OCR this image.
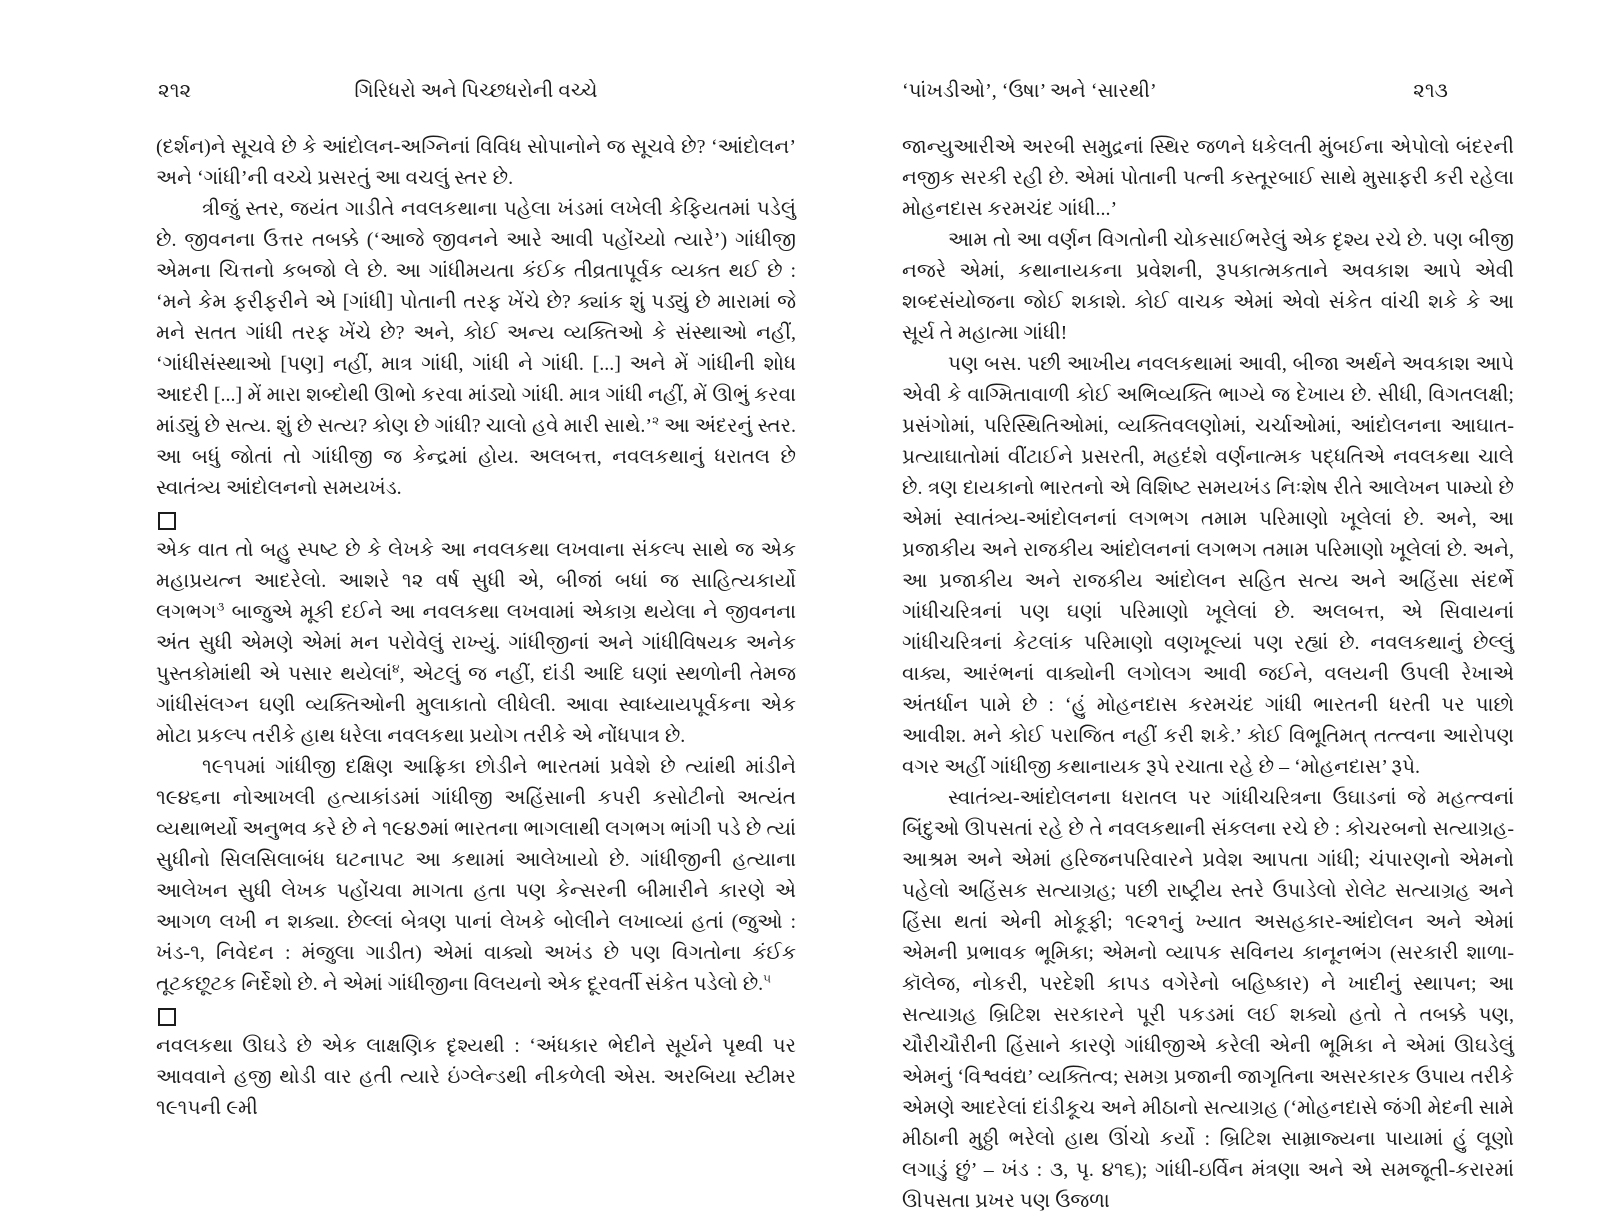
૨૧૨	ગિરિધરો અને પિચ્છધરોની વચ્ચે

(દર્શન)ને સૂચવે છે કે આંદોલન-અગ્નિનાં વિવિધ સોપાનોને જ સૂચવે છે? ‘આંદોલન’ અને ‘ગાંધી’ની વચ્ચે પ્રસરતું આ વચલું સ્તર છે.

ત્રીજું સ્તર, જયંત ગાડીતે નવલકથાના પહેલા ખંડમાં લખેલી કેફિયતમાં પડેલું છે. જીવનના ઉત્તર તબક્કે (‘આજે જીવનને આરે આવી પહોંચ્યો ત્યારે’) ગાંધીજી એમના ચિત્તનો કબજો લે છે. આ ગાંધીમયતા કંઈક તીવ્રતાપૂર્વક વ્યક્ત થઈ છે : ‘મને કેમ ફરીફરીને એ [ગાંધી] પોતાની તરફ ખેંચે છે? ક્યાંક શું પડ્યું છે મારામાં જે મને સતત ગાંધી તરફ ખેંચે છે? અને, કોઈ અન્ય વ્યક્તિઓ કે સંસ્થાઓ નહીં, ‘ગાંધીસંસ્થાઓ [પણ] નહીં, માત્ર ગાંધી, ગાંધી ને ગાંધી. [...] અને મેં ગાંધીની શોધ આદરી [...] મેં મારા શબ્દોથી ઊભો કરવા માંડ્યો ગાંધી. માત્ર ગાંધી નહીં, મેં ઊભું કરવા માંડ્યું છે સત્ય. શું છે સત્ય? કોણ છે ગાંધી? ચાલો હવે મારી સાથે.’$^૨$ આ અંદરનું સ્તર. આ બધું જોતાં તો ગાંધીજી જ કેન્દ્રમાં હોય. અલબત્ત, નવલકથાનું ધરાતલ છે સ્વાતંત્ર્ય આંદોલનનો સમયખંડ.

એક વાત તો બહુ સ્પષ્ટ છે કે લેખકે આ નવલકથા લખવાના સંકલ્પ સાથે જ એક મહાપ્રયત્ન આદરેલો. આશરે ૧૨ વર્ષ સુધી એ, બીજાં બધાં જ સાહિત્યકાર્યો લગભગ$^૩$ બાજુએ મૂકી દઈને આ નવલકથા લખવામાં એકાગ્ર થયેલા ને જીવનના અંત સુધી એમણે એમાં મન પરોવેલું રાખ્યું. ગાંધીજીનાં અને ગાંધીવિષયક અનેક પુસ્તકોમાંથી એ પસાર થયેલાં$^૪$, એટલું જ નહીં, દાંડી આદિ ઘણાં સ્થળોની તેમજ ગાંધીસંલગ્ન ઘણી વ્યક્તિઓની મુલાકાતો લીધેલી. આવા સ્વાધ્યાયપૂર્વકના એક મોટા પ્રકલ્પ તરીકે હાથ ધરેલા નવલકથા પ્રયોગ તરીકે એ નોંધપાત્ર છે.

૧૯૧૫માં ગાંધીજી દક્ષિણ આફ્રિકા છોડીને ભારતમાં પ્રવેશે છે ત્યાંથી માંડીને ૧૯૪૬ના નોઆખલી હત્યાકાંડમાં ગાંધીજી અહિંસાની કપરી કસોટીનો અત્યંત વ્યથાભર્યો અનુભવ કરે છે ને ૧૯૪૭માં ભારતના ભાગલાથી લગભગ ભાંગી પડે છે ત્યાં સુધીનો સિલસિલાબંધ ઘટનાપટ આ કથામાં આલેખાયો છે. ગાંધીજીની હત્યાના આલેખન સુધી લેખક પહોંચવા માગતા હતા પણ કેન્સરની બીમારીને કારણે એ આગળ લખી ન શક્યા. છેલ્લાં બેત્રણ પાનાં લેખકે બોલીને લખાવ્યાં હતાં (જુઓ : ખંડ-૧, નિવેદન : મંજુલા ગાડીત) એમાં વાક્યો અખંડ છે પણ વિગતોના કંઈક તૂટકછૂટક નિર્દેશો છે. ને એમાં ગાંધીજીના વિલયનો એક દૂરવર્તી સંકેત પડેલો છે.$^૫$

નવલકથા ઊઘડે છે એક લાક્ષણિક દૃશ્યથી : ‘અંધકાર ભેદીને સૂર્યને પૃથ્વી પર આવવાને હજી થોડી વાર હતી ત્યારે ઇંગ્લેન્ડથી નીકળેલી એસ. અરબિયા સ્ટીમર ૧૯૧૫ની ૯મી

‘પાંખડીઓ’, ‘ઉષા’ અને ‘સારથી’	૨૧૩

જાન્યુઆરીએ અરબી સમુદ્રનાં સ્થિર જળને ધકેલતી મુંબઈના એપોલો બંદરની નજીક સરકી રહી છે. એમાં પોતાની પત્ની કસ્તૂરબાઈ સાથે મુસાફરી કરી રહેલા મોહનદાસ કરમચંદ ગાંધી...’

આમ તો આ વર્ણન વિગતોની ચોકસાઈભરેલું એક દૃશ્ય રચે છે. પણ બીજી નજરે એમાં, કથાનાયકના પ્રવેશની, રૂપકાત્મકતાને અવકાશ આપે એવી શબ્દસંયોજના જોઈ શકાશે. કોઈ વાચક એમાં એવો સંકેત વાંચી શકે કે આ સૂર્ય તે મહાત્મા ગાંધી!

પણ બસ. પછી આખીય નવલકથામાં આવી, બીજા અર્થને અવકાશ આપે એવી કે વાગ્મિતાવાળી કોઈ અભિવ્યક્તિ ભાગ્યે જ દેખાય છે. સીધી, વિગતલક્ષી; પ્રસંગોમાં, પરિસ્થિતિઓમાં, વ્યક્તિવલણોમાં, ચર્ચાઓમાં, આંદોલનના આઘાત-પ્રત્યાઘાતોમાં વીંટાઈને પ્રસરતી, મહદંશે વર્ણનાત્મક પદ્ધતિએ નવલકથા ચાલે છે. ત્રણ દાયકાનો ભારતનો એ વિશિષ્ટ સમયખંડ નિઃશેષ રીતે આલેખન પામ્યો છે એમાં સ્વાતંત્ર્ય-આંદોલનનાં લગભગ તમામ પરિમાણો ખૂલેલાં છે. અને, આ પ્રજાકીય અને રાજકીય આંદોલનનાં લગભગ તમામ પરિમાણો ખૂલેલાં છે. અને, આ પ્રજાકીય અને રાજકીય આંદોલન સહિત સત્ય અને અહિંસા સંદર્ભે ગાંધીચરિત્રનાં પણ ઘણાં પરિમાણો ખૂલેલાં છે. અલબત્ત, એ સિવાયનાં ગાંધીચરિત્રનાં કેટલાંક પરિમાણો વણખૂલ્યાં પણ રહ્યાં છે. નવલકથાનું છેલ્લું વાક્ય, આરંભનાં વાક્યોની લગોલગ આવી જઈને, વલયની ઉપલી રેખાએ અંતર્ધાન પામે છે : ‘હું મોહનદાસ કરમચંદ ગાંધી ભારતની ધરતી પર પાછો આવીશ. મને કોઈ પરાજિત નહીં કરી શકે.’ કોઈ વિભૂતિમત્ તત્ત્વના આરોપણ વગર અહીં ગાંધીજી કથાનાયક રૂપે રચાતા રહે છે – ‘મોહનદાસ’ રૂપે.

સ્વાતંત્ર્ય-આંદોલનના ધરાતલ પર ગાંધીચરિત્રના ઉઘાડનાં જે મહત્ત્વનાં બિંદુઓ ઊપસતાં રહે છે તે નવલકથાની સંકલના રચે છે : કોચરબનો સત્યાગ્રહ-આશ્રમ અને એમાં હરિજનપરિવારને પ્રવેશ આપતા ગાંધી; ચંપારણનો એમનો પહેલો અહિંસક સત્યાગ્રહ; પછી રાષ્ટ્રીય સ્તરે ઉપાડેલો રોલેટ સત્યાગ્રહ અને હિંસા થતાં એની મોકૂફી; ૧૯૨૧નું ખ્યાત અસહકાર-આંદોલન અને એમાં એમની પ્રભાવક ભૂમિકા; એમનો વ્યાપક સવિનય કાનૂનભંગ (સરકારી શાળા-કૉલેજ, નોકરી, પરદેશી કાપડ વગેરેનો બહિષ્કાર) ને ખાદીનું સ્થાપન; આ સત્યાગ્રહ બ્રિટિશ સરકારને પૂરી પકડમાં લઈ શક્યો હતો તે તબક્કે પણ, ચૌરીચૌરીની હિંસાને કારણે ગાંધીજીએ કરેલી એની ભૂમિકા ને એમાં ઊઘડેલું એમનું ‘વિશ્વવંદ્ય’ વ્યક્તિત્વ; સમગ્ર પ્રજાની જાગૃતિના અસરકારક ઉપાય તરીકે એમણે આદરેલાં દાંડીકૂચ અને મીઠાનો સત્યાગ્રહ (‘મોહનદાસે જંગી મેદની સામે મીઠાની મુઠ્ઠી ભરેલો હાથ ઊંચો કર્યો : બ્રિટિશ સામ્રાજ્યના પાયામાં હું લૂણો લગાડું છું’ – ખંડ : ૩, પૃ. ૪૧૬); ગાંધી-ઇર્વિન મંત્રણા અને એ સમજૂતી-કરારમાં ઊપસતા પ્રખર પણ ઉજળા
